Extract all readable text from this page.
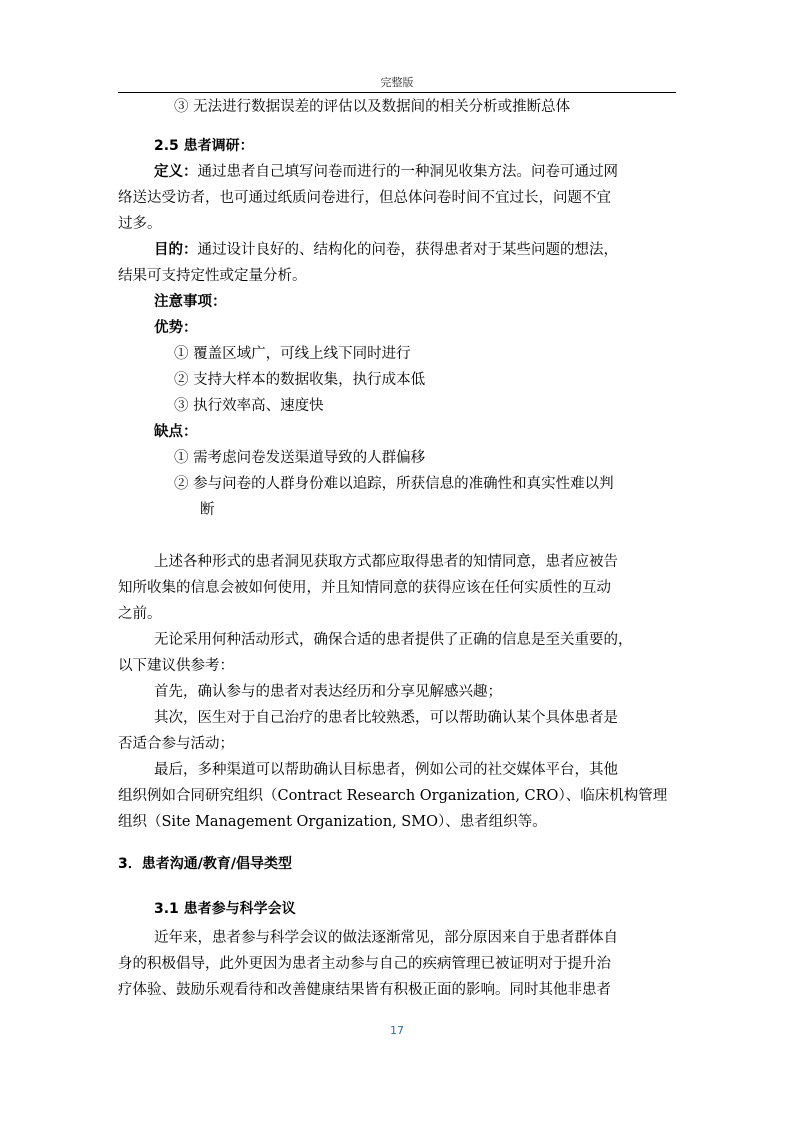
完整版
③ 无法进行数据误差的评估以及数据间的相关分析或推断总体
2.5 患者调研：
定义：通过患者自己填写问卷而进行的一种洞见收集方法。问卷可通过网
络送达受访者，也可通过纸质问卷进行，但总体问卷时间不宜过长，问题不宜
过多。
目的：通过设计良好的、结构化的问卷，获得患者对于某些问题的想法，
结果可支持定性或定量分析。
注意事项：
优势：
① 覆盖区域广，可线上线下同时进行
② 支持大样本的数据收集，执行成本低
③ 执行效率高、速度快
缺点：
① 需考虑问卷发送渠道导致的人群偏移
② 参与问卷的人群身份难以追踪，所获信息的准确性和真实性难以判
断
上述各种形式的患者洞见获取方式都应取得患者的知情同意，患者应被告
知所收集的信息会被如何使用，并且知情同意的获得应该在任何实质性的互动
之前。
无论采用何种活动形式，确保合适的患者提供了正确的信息是至关重要的，
以下建议供参考：
首先，确认参与的患者对表达经历和分享见解感兴趣；
其次，医生对于自己治疗的患者比较熟悉，可以帮助确认某个具体患者是
否适合参与活动；
最后，多种渠道可以帮助确认目标患者，例如公司的社交媒体平台，其他
组织例如合同研究组织（Contract Research Organization, CRO）、临床机构管理
组织（Site Management Organization, SMO）、患者组织等。
3．患者沟通/教育/倡导类型
3.1 患者参与科学会议
近年来，患者参与科学会议的做法逐渐常见，部分原因来自于患者群体自
身的积极倡导，此外更因为患者主动参与自己的疾病管理已被证明对于提升治
疗体验、鼓励乐观看待和改善健康结果皆有积极正面的影响。同时其他非患者
17
